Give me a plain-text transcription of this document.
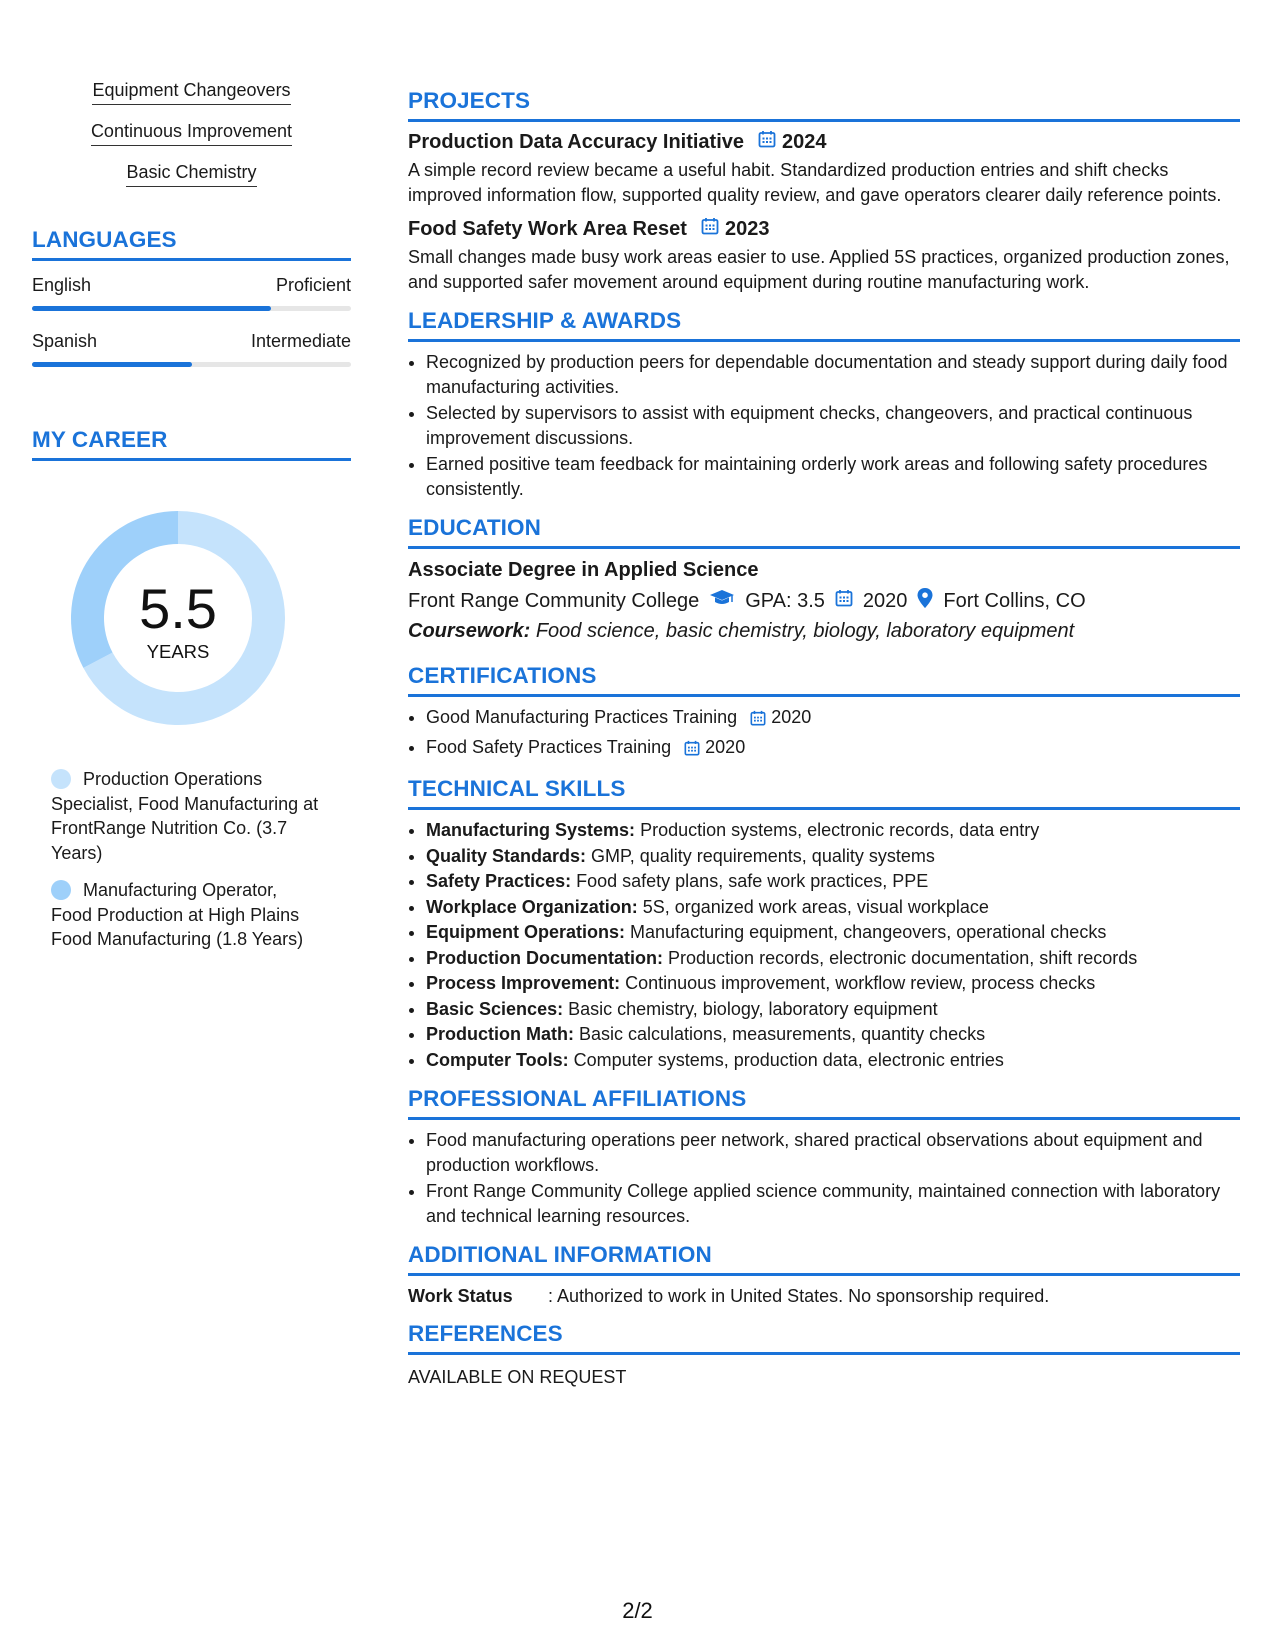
Equipment Changeovers
Continuous Improvement
Basic Chemistry
LANGUAGES
English	Proficient
Spanish	Intermediate
MY CAREER
5.5
YEARS
Production Operations Specialist, Food Manufacturing at FrontRange Nutrition Co. (3.7 Years)
Manufacturing Operator, Food Production at High Plains Food Manufacturing (1.8 Years)
PROJECTS
Production Data Accuracy Initiative 2024
A simple record review became a useful habit. Standardized production entries and shift checks improved information flow, supported quality review, and gave operators clearer daily reference points.
Food Safety Work Area Reset 2023
Small changes made busy work areas easier to use. Applied 5S practices, organized production zones, and supported safer movement around equipment during routine manufacturing work.
LEADERSHIP & AWARDS
• Recognized by production peers for dependable documentation and steady support during daily food manufacturing activities.
• Selected by supervisors to assist with equipment checks, changeovers, and practical continuous improvement discussions.
• Earned positive team feedback for maintaining orderly work areas and following safety procedures consistently.
EDUCATION
Associate Degree in Applied Science
Front Range Community College GPA: 3.5 2020 Fort Collins, CO
Coursework: Food science, basic chemistry, biology, laboratory equipment
CERTIFICATIONS
• Good Manufacturing Practices Training 2020
• Food Safety Practices Training 2020
TECHNICAL SKILLS
• Manufacturing Systems: Production systems, electronic records, data entry
• Quality Standards: GMP, quality requirements, quality systems
• Safety Practices: Food safety plans, safe work practices, PPE
• Workplace Organization: 5S, organized work areas, visual workplace
• Equipment Operations: Manufacturing equipment, changeovers, operational checks
• Production Documentation: Production records, electronic documentation, shift records
• Process Improvement: Continuous improvement, workflow review, process checks
• Basic Sciences: Basic chemistry, biology, laboratory equipment
• Production Math: Basic calculations, measurements, quantity checks
• Computer Tools: Computer systems, production data, electronic entries
PROFESSIONAL AFFILIATIONS
• Food manufacturing operations peer network, shared practical observations about equipment and production workflows.
• Front Range Community College applied science community, maintained connection with laboratory and technical learning resources.
ADDITIONAL INFORMATION
Work Status	: Authorized to work in United States. No sponsorship required.
REFERENCES
AVAILABLE ON REQUEST
2/2
